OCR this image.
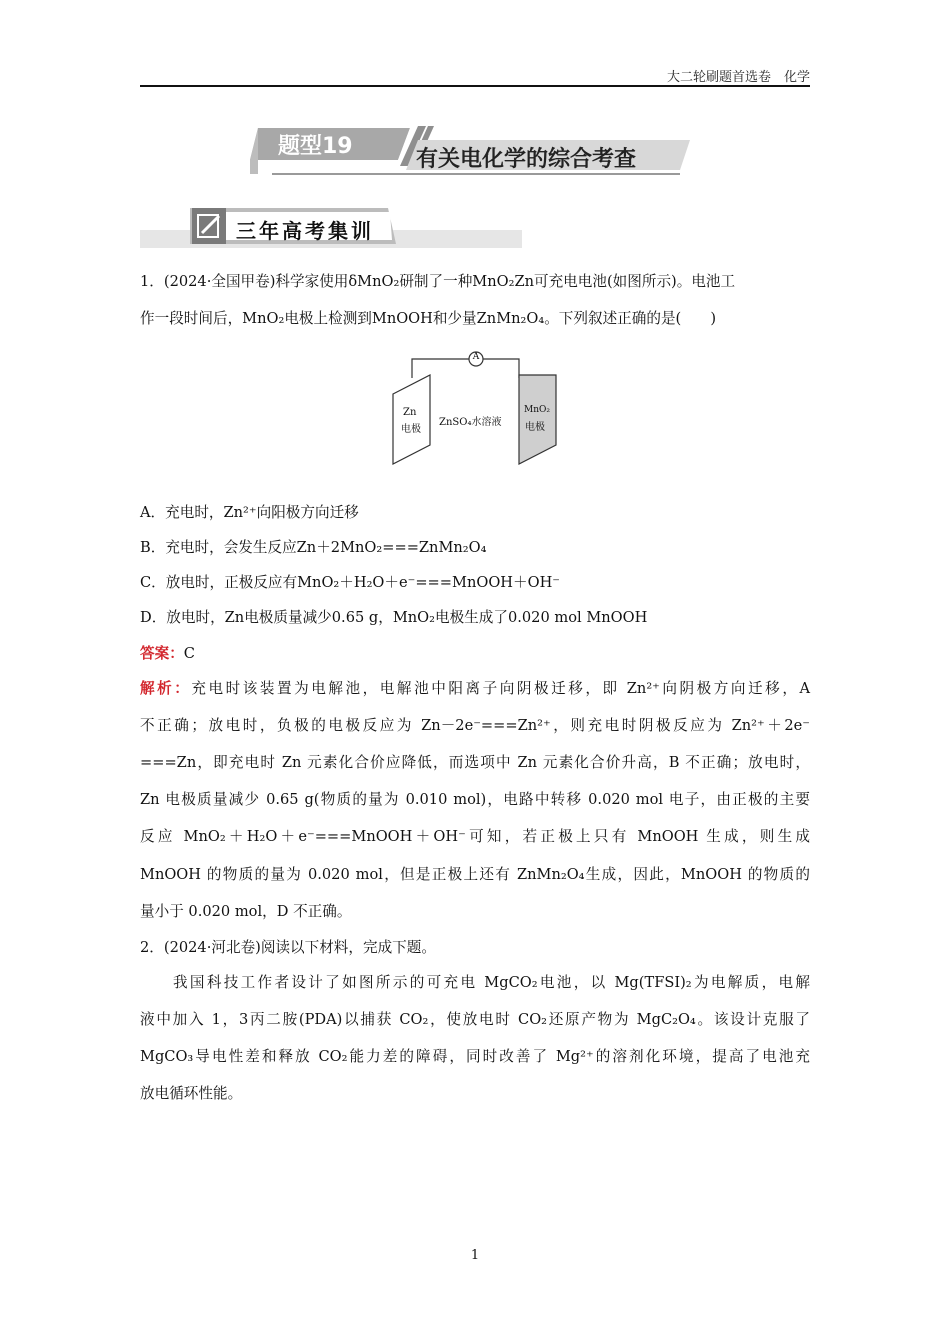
大二轮刷题首选卷　 化学
题型19
有关电化学的综合考查
三年高考集训
1．(2024·全国甲卷)科学家使用δMnO₂研制了一种MnO₂Zn可充电电池(如图所示)。电池工
作一段时间后，MnO₂电极上检测到MnOOH和少量ZnMn₂O₄。下列叙述正确的是(　　)
A
Zn
电极
ZnSO₄水溶液
MnO₂
电极
A．充电时，Zn²⁺向阳极方向迁移
B．充电时，会发生反应Zn＋2MnO₂===ZnMn₂O₄
C．放电时，正极反应有MnO₂＋H₂O＋e⁻===MnOOH＋OH⁻
D．放电时，Zn电极质量减少0.65 g，MnO₂电极生成了0.020 mol MnOOH
答案：C
解析：充电时该装置为电解池，电解池中阳离子向阴极迁移，即 Zn²⁺向阴极方向迁移，A
不正确；放电时，负极的电极反应为 Zn－2e⁻===Zn²⁺，则充电时阴极反应为 Zn²⁺＋2e⁻
===Zn，即充电时 Zn 元素化合价应降低，而选项中 Zn 元素化合价升高，B 不正确；放电时，
Zn 电极质量减少 0.65 g(物质的量为 0.010 mol)，电路中转移 0.020 mol 电子，由正极的主要
反应 MnO₂＋H₂O＋e⁻===MnOOH＋OH⁻可知，若正极上只有 MnOOH 生成，则生成
MnOOH 的物质的量为 0.020 mol，但是正极上还有 ZnMn₂O₄生成，因此，MnOOH 的物质的
量小于 0.020 mol，D 不正确。
2．(2024·河北卷)阅读以下材料，完成下题。
我国科技工作者设计了如图所示的可充电 MgCO₂电池，以 Mg(TFSI)₂为电解质，电解
液中加入 1，3丙二胺(PDA)以捕获 CO₂，使放电时 CO₂还原产物为 MgC₂O₄。该设计克服了
MgCO₃导电性差和释放 CO₂能力差的障碍，同时改善了 Mg²⁺的溶剂化环境，提高了电池充
放电循环性能。
1
